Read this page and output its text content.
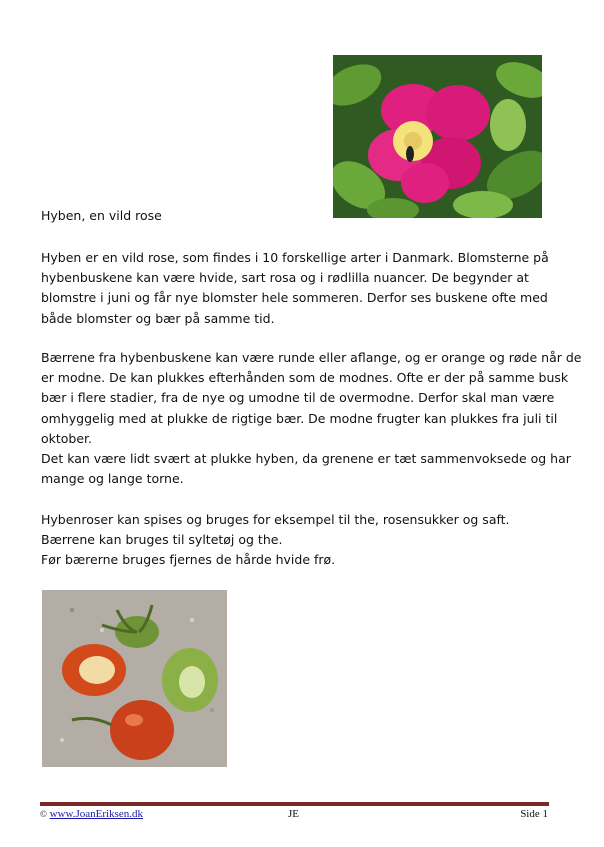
Hyben, en vild rose
Hyben er en vild rose, som findes i 10 forskellige arter i Danmark. Blomsterne på
hybenbuskene kan være hvide, sart rosa og i rødlilla nuancer. De begynder at
blomstre i juni og får nye blomster hele sommeren. Derfor ses buskene ofte med
både blomster og bær på samme tid.
Bærrene fra hybenbuskene kan være runde eller aflange, og er orange og røde når de
er modne. De kan plukkes efterhånden som de modnes. Ofte er der på samme busk
bær i flere stadier, fra de nye og umodne til de overmodne. Derfor skal man være
omhyggelig med at plukke de rigtige bær. De modne frugter kan plukkes fra juli til
oktober.
Det kan være lidt svært at plukke hyben, da grenene er tæt sammenvoksede og har
mange og lange torne.
Hybenroser kan spises og bruges for eksempel til the, rosensukker og saft.
Bærrene kan bruges til syltetøj og the.
Før bærerne bruges fjernes de hårde hvide frø.
© www.JoanEriksen.dk	JE	Side 1
